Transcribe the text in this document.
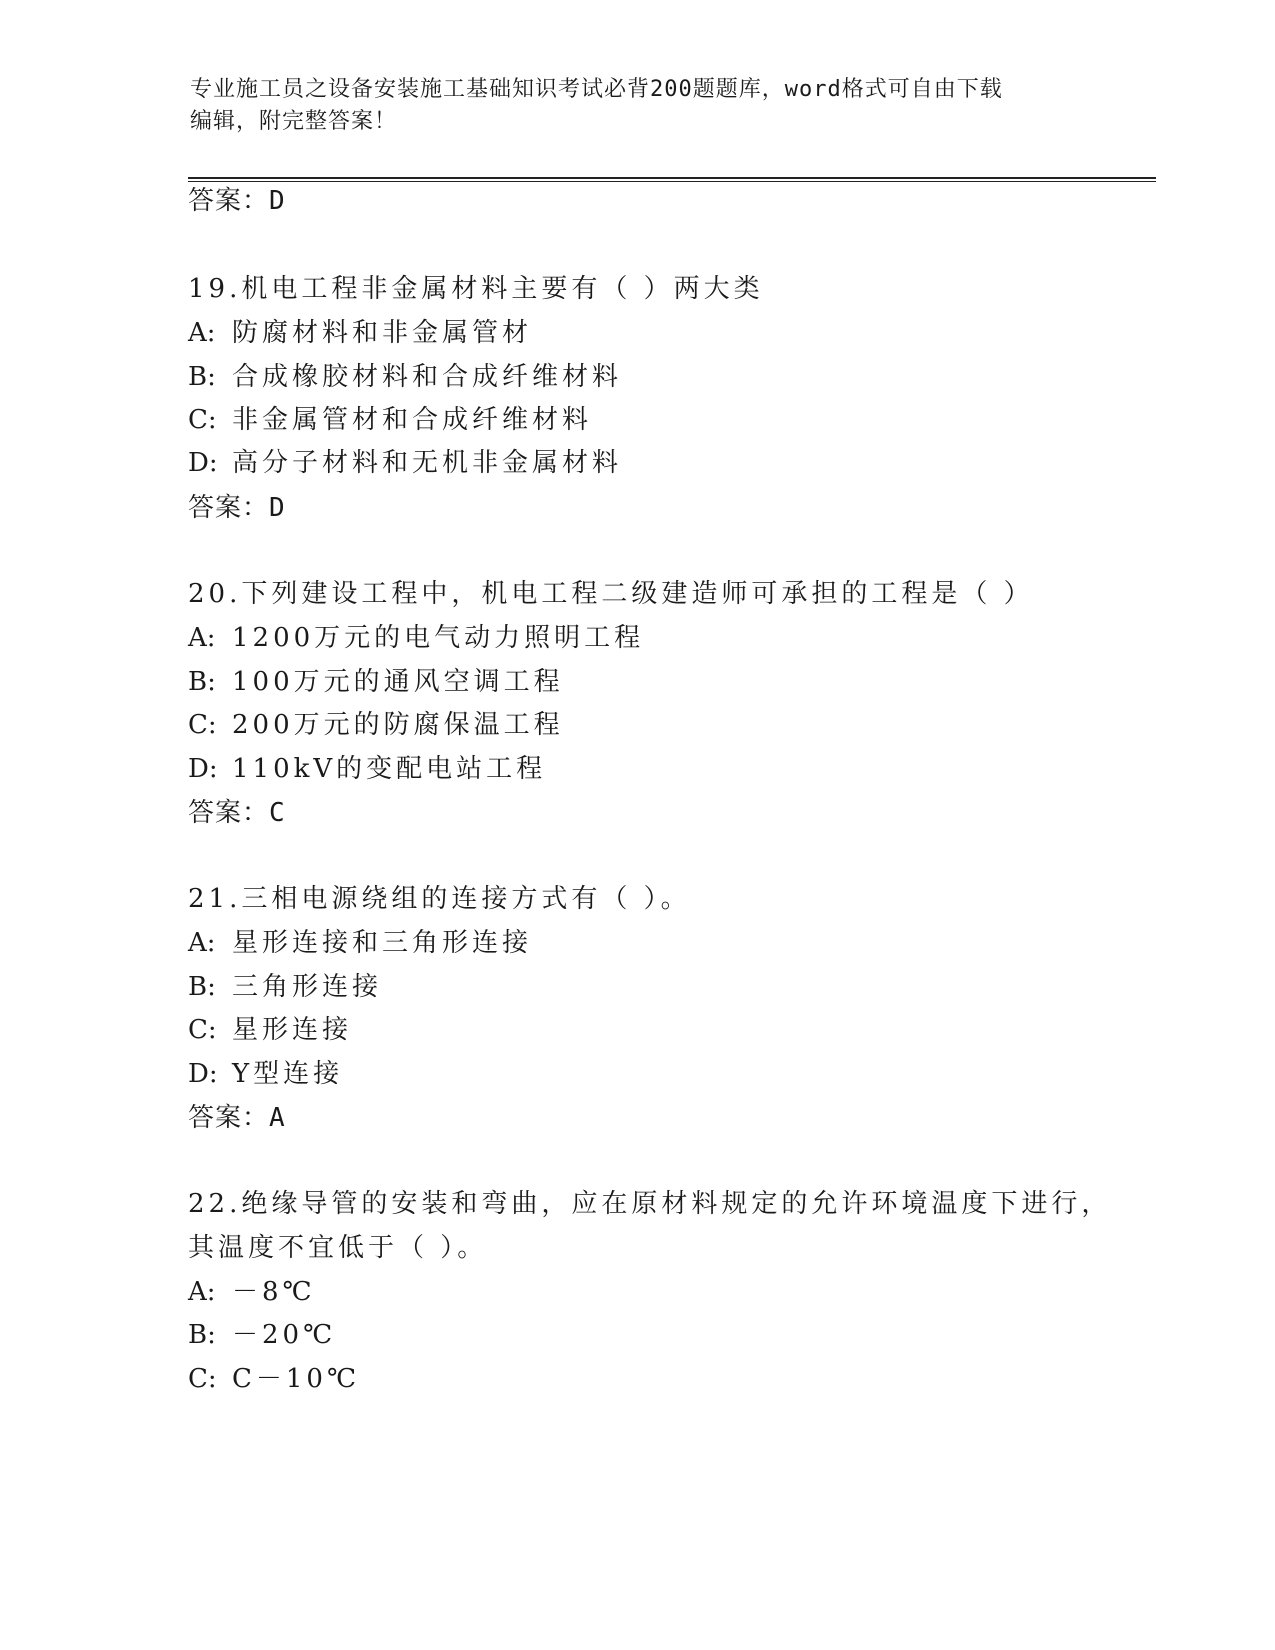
专业施工员之设备安装施工基础知识考试必背200题题库，word格式可自由下载
编辑，附完整答案！
答案：D
19.机电工程非金属材料主要有（ ）两大类
A: 防腐材料和非金属管材
B: 合成橡胶材料和合成纤维材料
C: 非金属管材和合成纤维材料
D: 高分子材料和无机非金属材料
答案：D
20.下列建设工程中，机电工程二级建造师可承担的工程是（ ）
A: 1200万元的电气动力照明工程
B: 100万元的通风空调工程
C: 200万元的防腐保温工程
D: 110kV的变配电站工程
答案：C
21.三相电源绕组的连接方式有（ ）。
A: 星形连接和三角形连接
B: 三角形连接
C: 星形连接
D: Y型连接
答案：A
22.绝缘导管的安装和弯曲，应在原材料规定的允许环境温度下进行，
其温度不宜低于（ ）。
A: －8℃
B: －20℃
C: C－10℃
